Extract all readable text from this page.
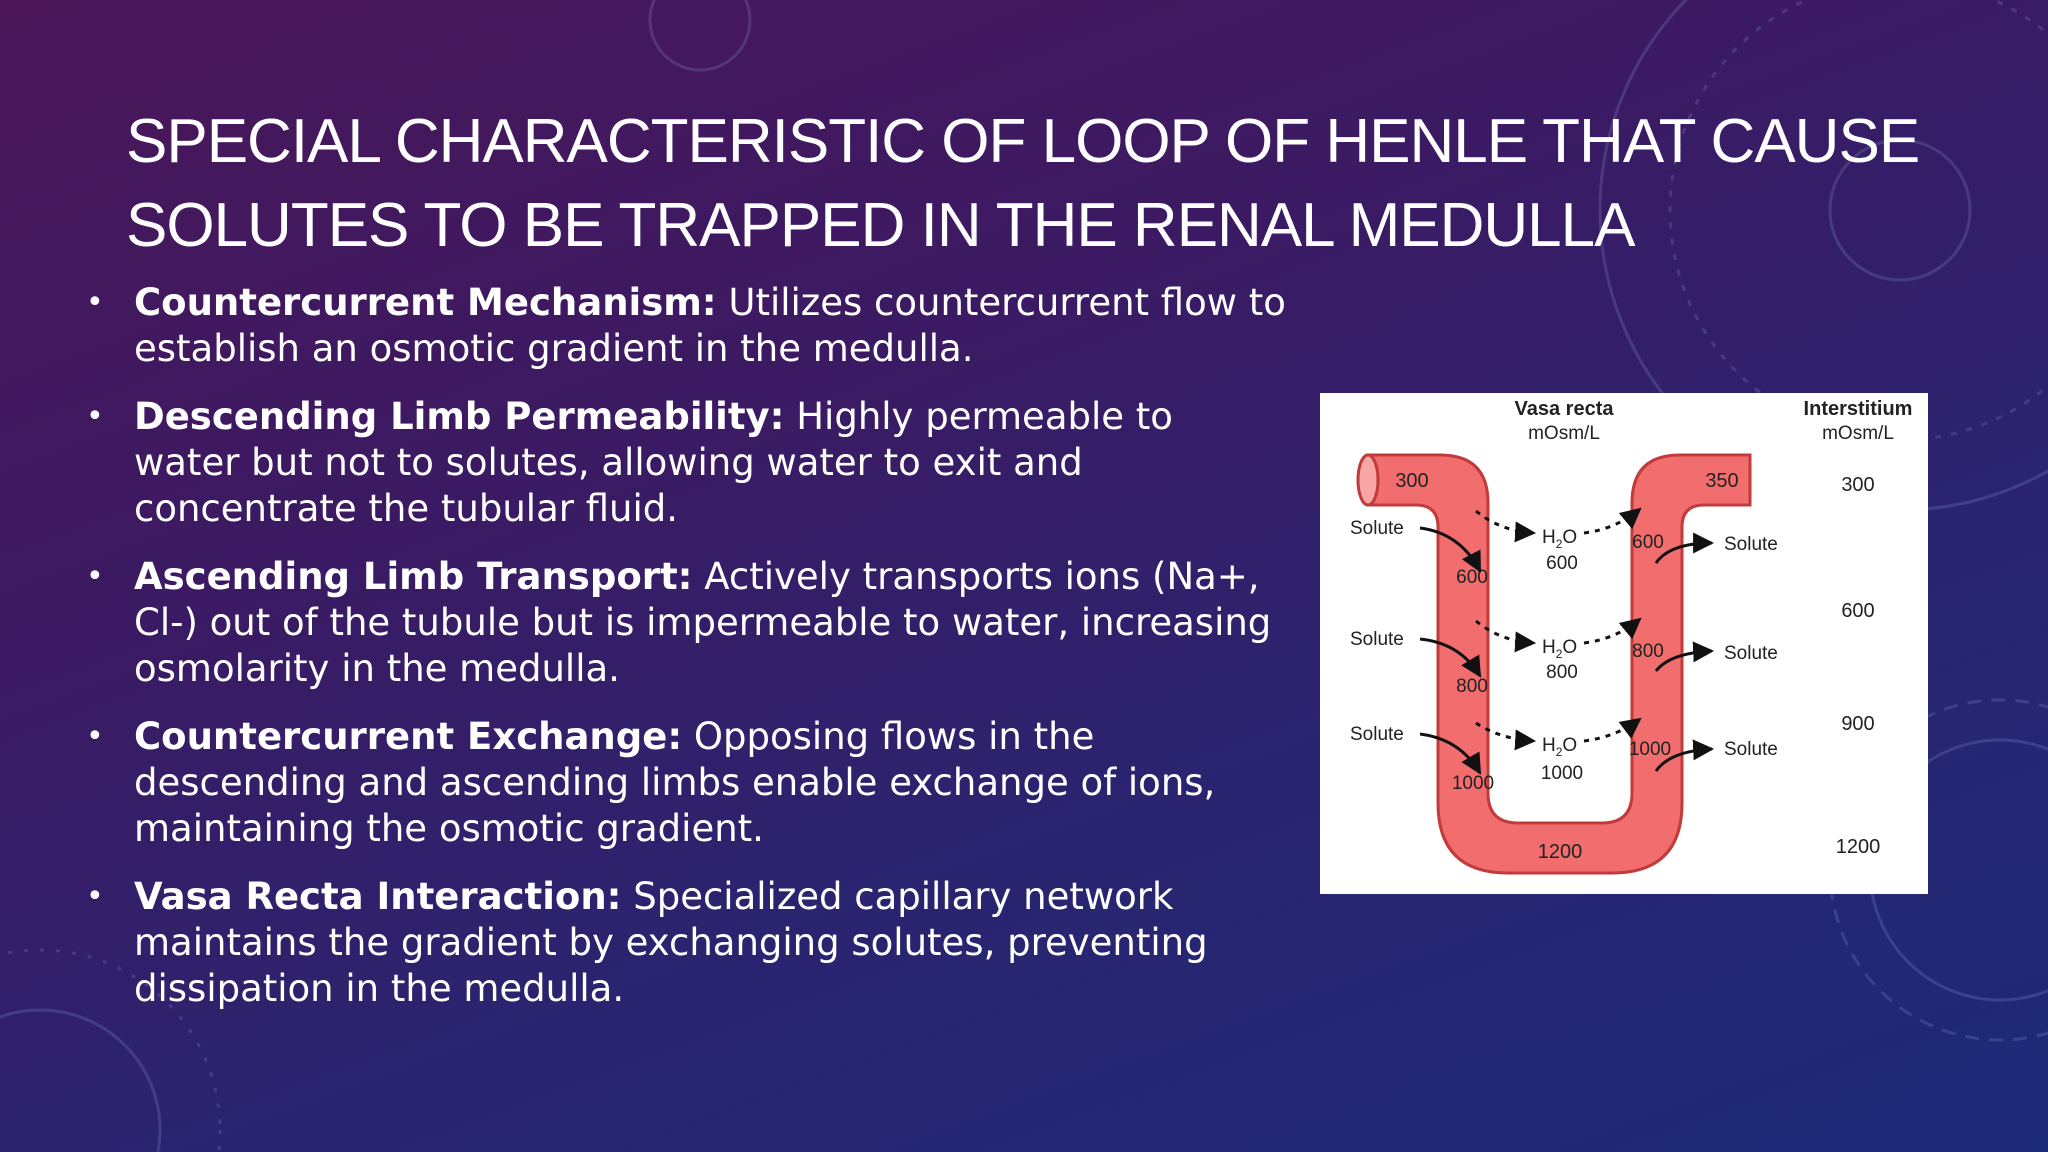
SPECIAL CHARACTERISTIC OF LOOP OF HENLE THAT CAUSE
SOLUTES TO BE TRAPPED IN THE RENAL MEDULLA
• Countercurrent Mechanism: Utilizes countercurrent flow to establish an osmotic gradient in the medulla.
• Descending Limb Permeability: Highly permeable to water but not to solutes, allowing water to exit and concentrate the tubular fluid.
• Ascending Limb Transport: Actively transports ions (Na+, Cl-) out of the tubule but is impermeable to water, increasing osmolarity in the medulla.
• Countercurrent Exchange: Opposing flows in the descending and ascending limbs enable exchange of ions, maintaining the osmotic gradient.
• Vasa Recta Interaction: Specialized capillary network maintains the gradient by exchanging solutes, preventing dissipation in the medulla.
Vasa recta
mOsm/L
Interstitium
mOsm/L
300	350
1200
600
800
1000
600
800
1000
$H_2O$
$H_2O$
$H_2O$
600
800
1000
Solute
Solute
Solute
Solute
Solute
Solute
300
600
900
1200
